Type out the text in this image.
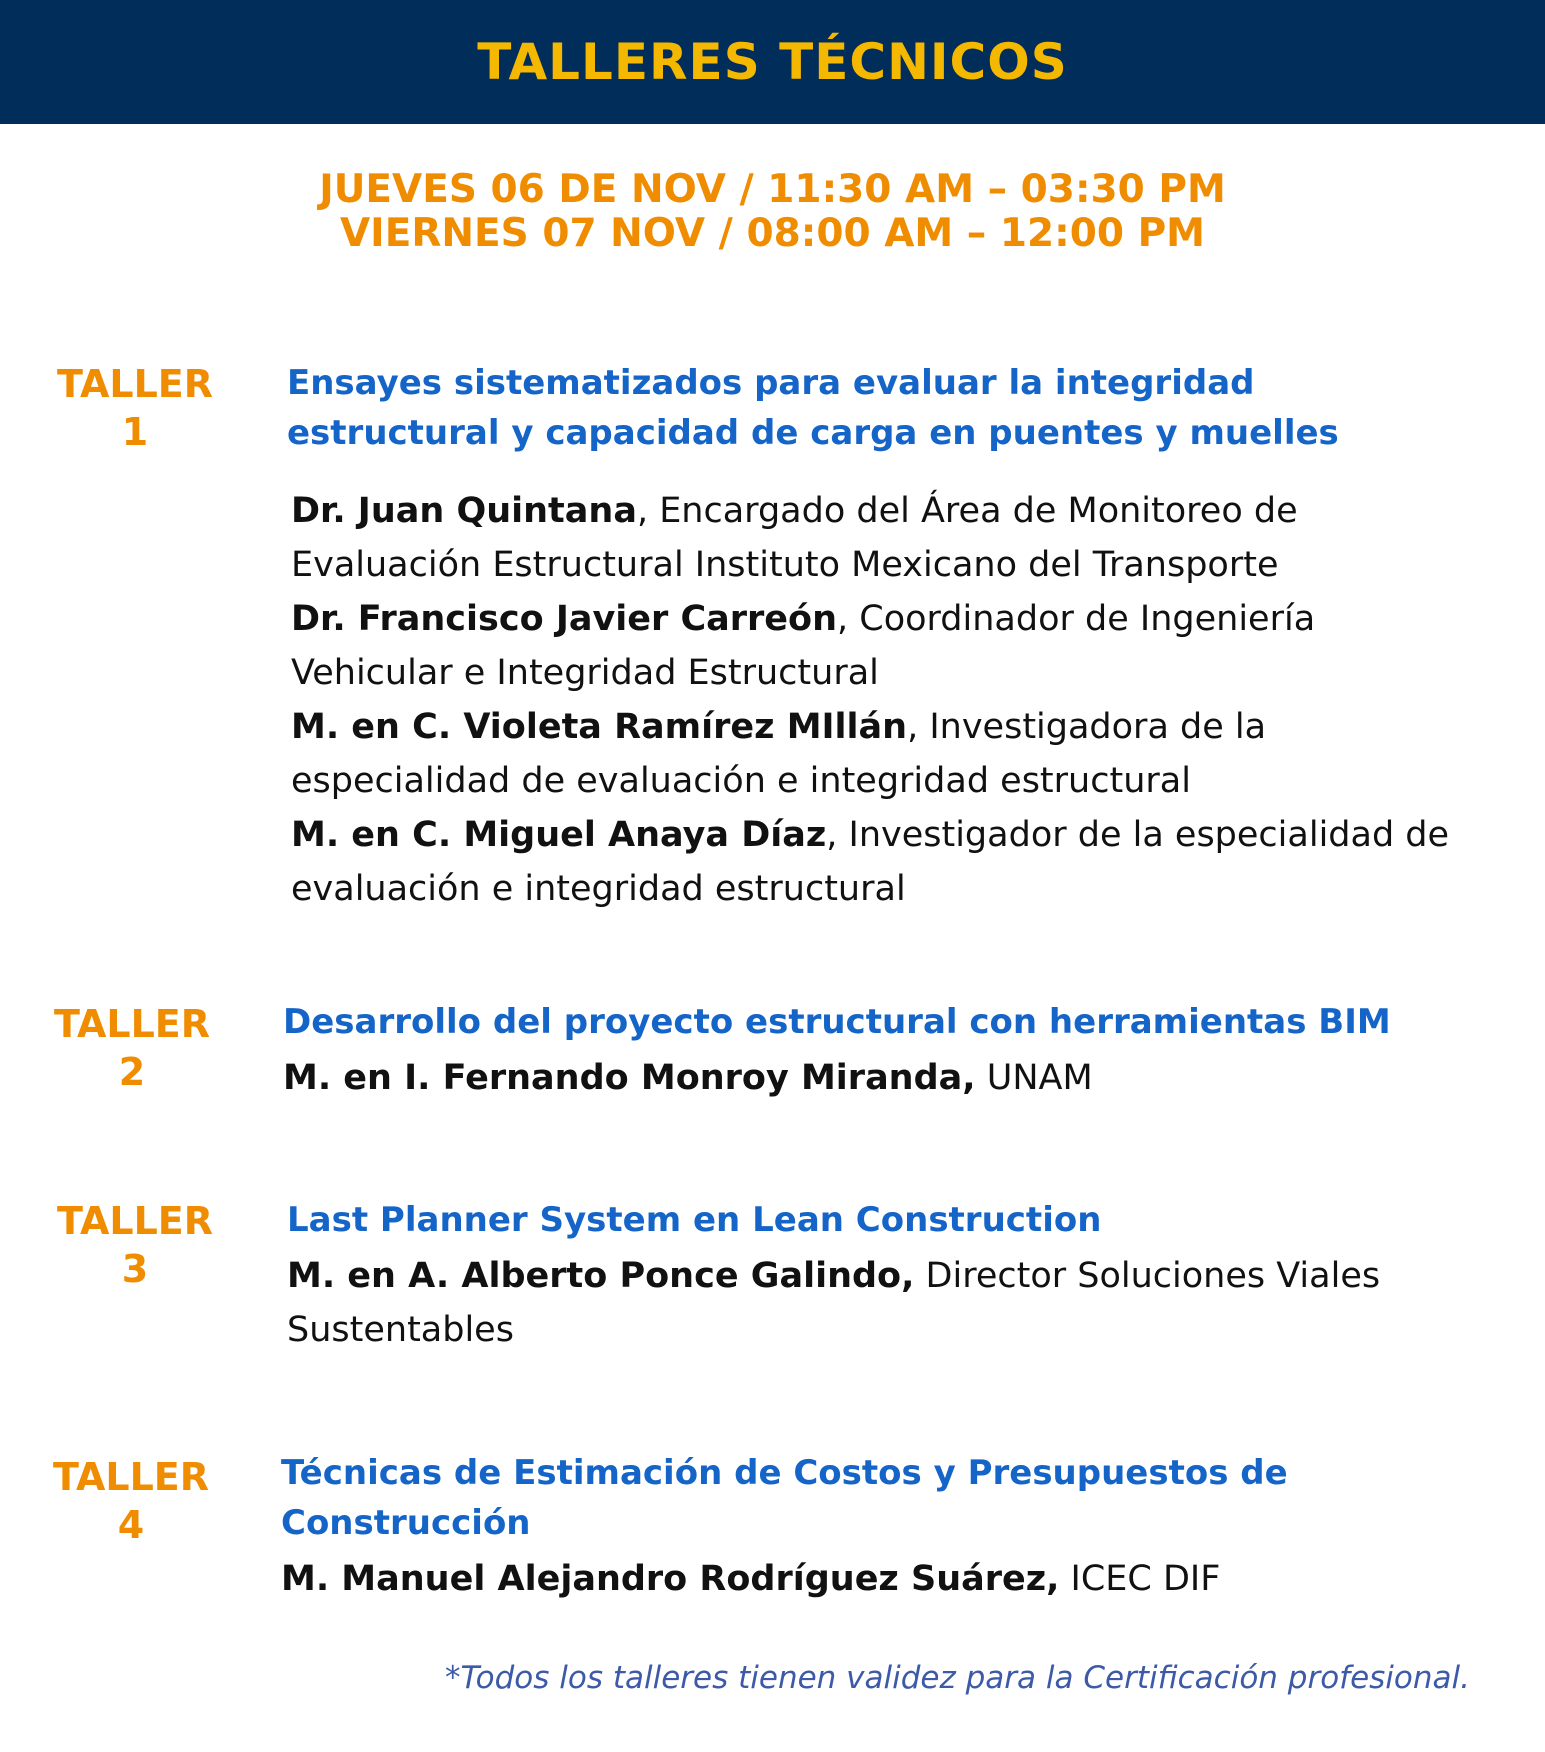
TALLERES TÉCNICOS
JUEVES 06 DE NOV / 11:30 AM – 03:30 PM
VIERNES 07 NOV / 08:00 AM – 12:00 PM
TALLER
1
Ensayes sistematizados para evaluar la integridad estructural y capacidad de carga en puentes y muelles
Dr. Juan Quintana, Encargado del Área de Monitoreo de Evaluación Estructural Instituto Mexicano del Transporte
Dr. Francisco Javier Carreón, Coordinador de Ingeniería Vehicular e Integridad Estructural
M. en C. Violeta Ramírez MIllán, Investigadora de la especialidad de evaluación e integridad estructural
M. en C. Miguel Anaya Díaz, Investigador de la especialidad de evaluación e integridad estructural
TALLER
2
Desarrollo del proyecto estructural con herramientas BIM
M. en I. Fernando Monroy Miranda, UNAM
TALLER
3
Last Planner System en Lean Construction
M. en A. Alberto Ponce Galindo, Director Soluciones Viales Sustentables
TALLER
4
Técnicas de Estimación de Costos y Presupuestos de Construcción
M. Manuel Alejandro Rodríguez Suárez, ICEC DIF
*Todos los talleres tienen validez para la Certificación profesional.
